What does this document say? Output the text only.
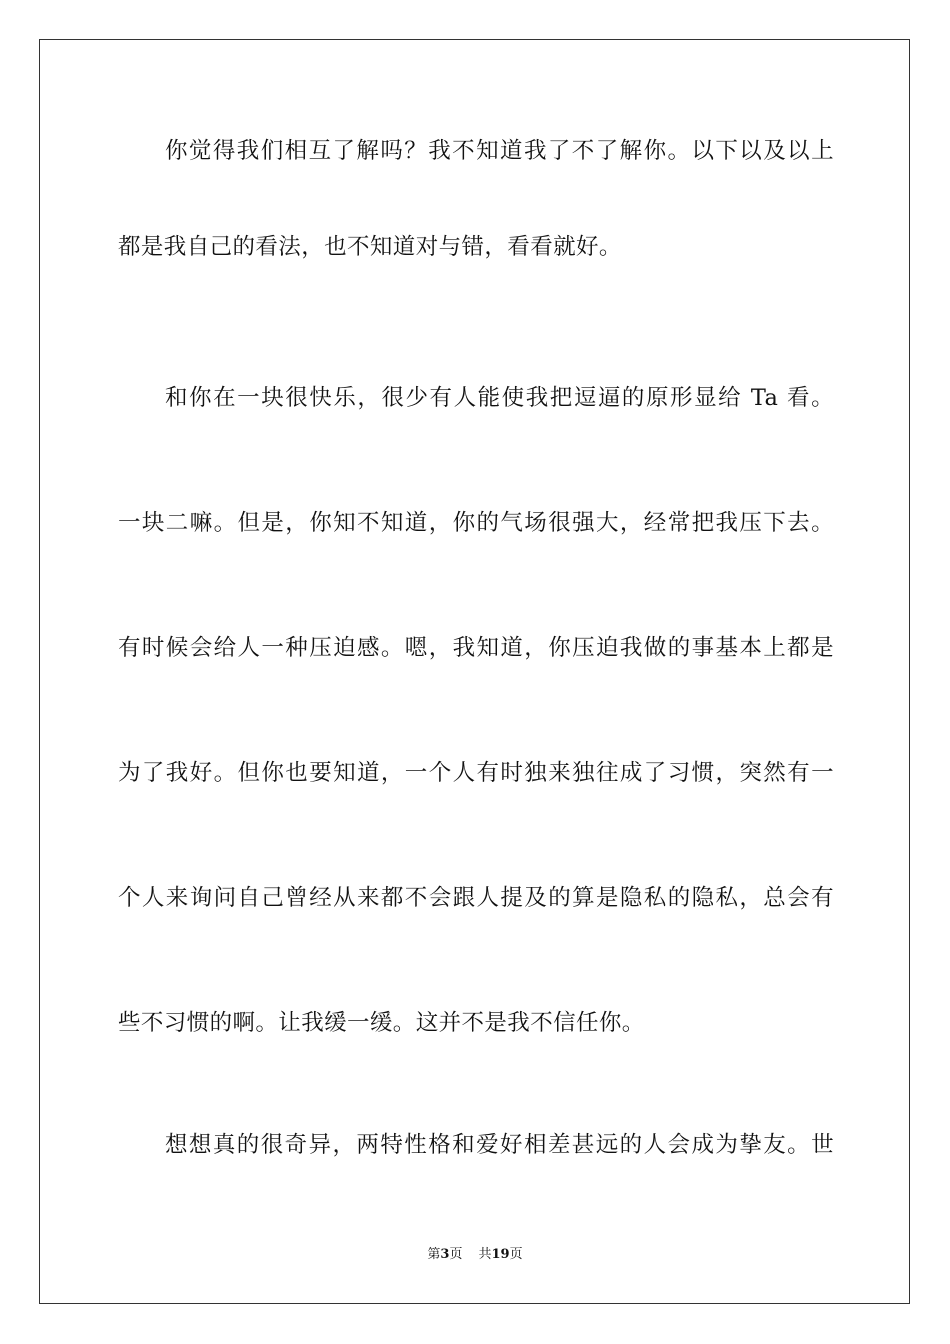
你觉得我们相互了解吗？我不知道我了不了解你。以下以及以上
都是我自己的看法，也不知道对与错，看看就好。
和你在一块很快乐，很少有人能使我把逗逼的原形显给 Ta 看。
一块二嘛。但是，你知不知道，你的气场很强大，经常把我压下去。
有时候会给人一种压迫感。嗯，我知道，你压迫我做的事基本上都是
为了我好。但你也要知道，一个人有时独来独往成了习惯，突然有一
个人来询问自己曾经从来都不会跟人提及的算是隐私的隐私，总会有
些不习惯的啊。让我缓一缓。这并不是我不信任你。
想想真的很奇异，两特性格和爱好相差甚远的人会成为挚友。世
第3页 共19页
